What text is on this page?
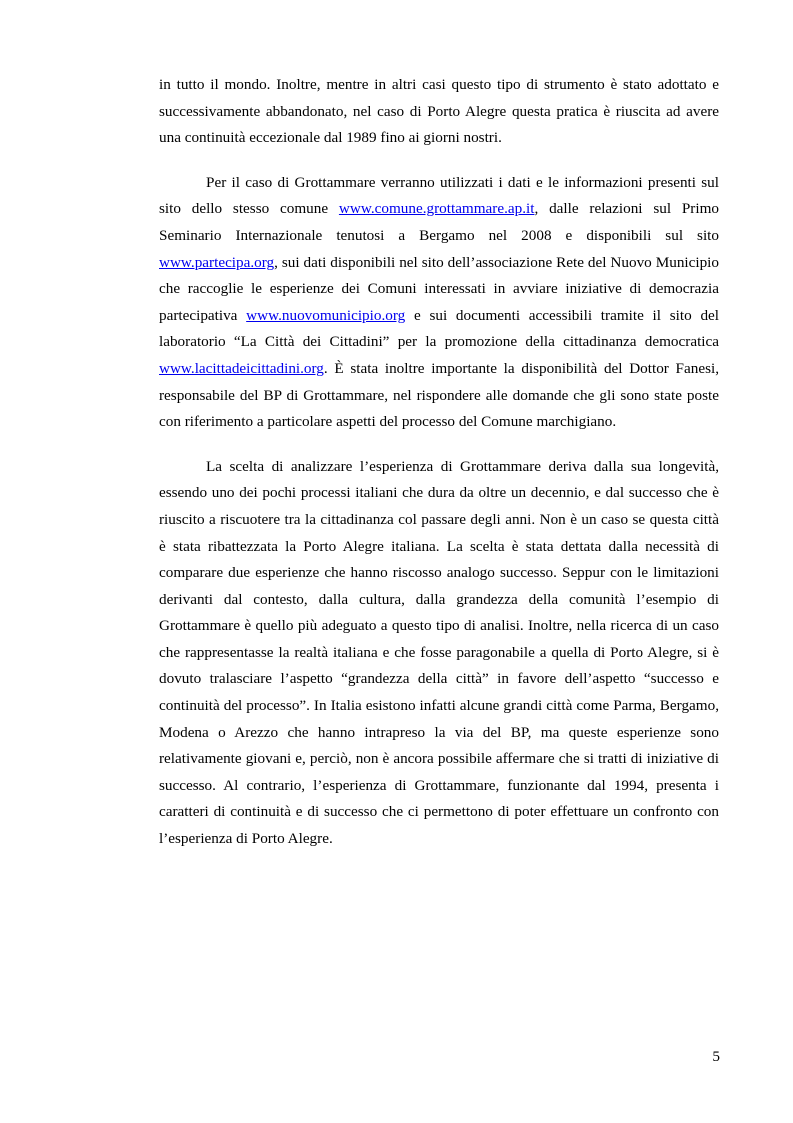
in tutto il mondo. Inoltre, mentre in altri casi questo tipo di strumento è stato adottato e successivamente abbandonato, nel caso di Porto Alegre questa pratica è riuscita ad avere una continuità eccezionale dal 1989 fino ai giorni nostri.

Per il caso di Grottammare verranno utilizzati i dati e le informazioni presenti sul sito dello stesso comune www.comune.grottammare.ap.it, dalle relazioni sul Primo Seminario Internazionale tenutosi a Bergamo nel 2008 e disponibili sul sito www.partecipa.org, sui dati disponibili nel sito dell’associazione Rete del Nuovo Municipio che raccoglie le esperienze dei Comuni interessati in avviare iniziative di democrazia partecipativa www.nuovomunicipio.org e sui documenti accessibili tramite il sito del laboratorio “La Città dei Cittadini” per la promozione della cittadinanza democratica www.lacittadeicittadini.org. È stata inoltre importante la disponibilità del Dottor Fanesi, responsabile del BP di Grottammare, nel rispondere alle domande che gli sono state poste con riferimento a particolare aspetti del processo del Comune marchigiano.

La scelta di analizzare l’esperienza di Grottammare deriva dalla sua longevità, essendo uno dei pochi processi italiani che dura da oltre un decennio, e dal successo che è riuscito a riscuotere tra la cittadinanza col passare degli anni. Non è un caso se questa città è stata ribattezzata la Porto Alegre italiana. La scelta è stata dettata dalla necessità di comparare due esperienze che hanno riscosso analogo successo. Seppur con le limitazioni derivanti dal contesto, dalla cultura, dalla grandezza della comunità l’esempio di Grottammare è quello più adeguato a questo tipo di analisi. Inoltre, nella ricerca di un caso che rappresentasse la realtà italiana e che fosse paragonabile a quella di Porto Alegre, si è dovuto tralasciare l’aspetto “grandezza della città” in favore dell’aspetto “successo e continuità del processo”. In Italia esistono infatti alcune grandi città come Parma, Bergamo, Modena o Arezzo che hanno intrapreso la via del BP, ma queste esperienze sono relativamente giovani e, perciò, non è ancora possibile affermare che si tratti di iniziative di successo. Al contrario, l’esperienza di Grottammare, funzionante dal 1994, presenta i caratteri di continuità e di successo che ci permettono di poter effettuare un confronto con l’esperienza di Porto Alegre.

5
